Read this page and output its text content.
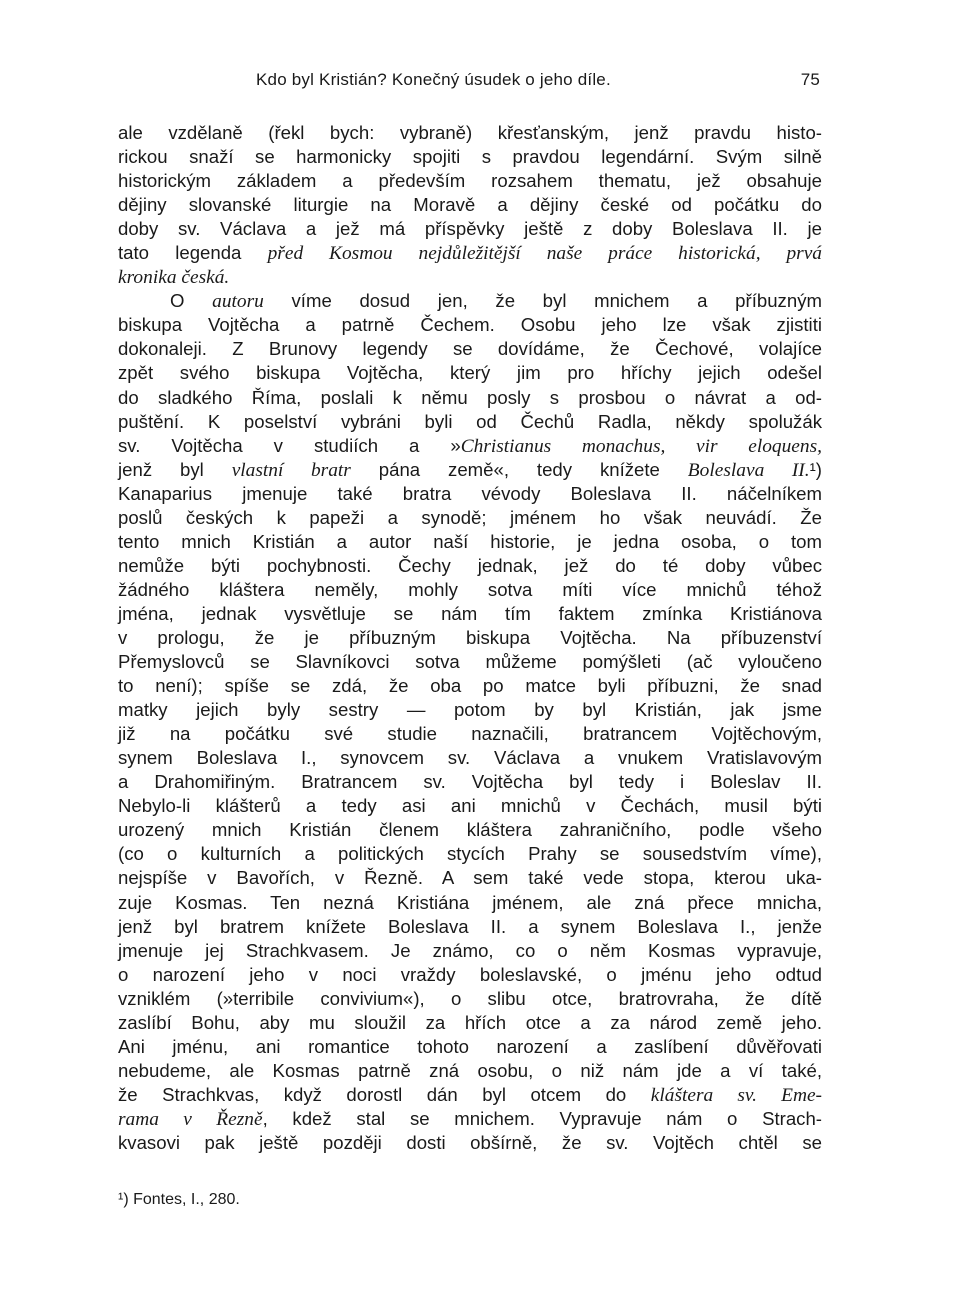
Kdo byl Kristián? Konečný úsudek o jeho díle.	75
ale vzdělaně (řekl bych: vybraně) křesťanským, jenž pravdu histo-
rickou snaží se harmonicky spojiti s pravdou legendární. Svým silně
historickým základem a především rozsahem thematu, jež obsahuje
dějiny slovanské liturgie na Moravě a dějiny české od počátku do
doby sv. Václava a jež má příspěvky ještě z doby Boleslava II. je
tato legenda před Kosmou nejdůležitější naše práce historická, prvá
kronika česká.
O autoru víme dosud jen, že byl mnichem a příbuzným
biskupa Vojtěcha a patrně Čechem. Osobu jeho lze však zjistiti
dokonaleji. Z Brunovy legendy se dovídáme, že Čechové, volajíce
zpět svého biskupa Vojtěcha, který jim pro hříchy jejich odešel
do sladkého Říma, poslali k němu posly s prosbou o návrat a od-
puštění. K poselství vybráni byli od Čechů Radla, někdy spolužák
sv. Vojtěcha v studiích a »Christianus monachus, vir eloquens,
jenž byl vlastní bratr pána země«, tedy knížete Boleslava II.¹)
Kanaparius jmenuje také bratra vévody Boleslava II. náčelníkem
poslů českých k papeži a synodě; jménem ho však neuvádí. Že
tento mnich Kristián a autor naší historie, je jedna osoba, o tom
nemůže býti pochybnosti. Čechy jednak, jež do té doby vůbec
žádného kláštera neměly, mohly sotva míti více mnichů téhož
jména, jednak vysvětluje se nám tím faktem zmínka Kristiánova
v prologu, že je příbuzným biskupa Vojtěcha. Na příbuzenství
Přemyslovců se Slavníkovci sotva můžeme pomýšleti (ač vyloučeno
to není); spíše se zdá, že oba po matce byli příbuzni, že snad
matky jejich byly sestry — potom by byl Kristián, jak jsme
již na počátku své studie naznačili, bratrancem Vojtěchovým,
synem Boleslava I., synovcem sv. Václava a vnukem Vratislavovým
a Drahomiřiným. Bratrancem sv. Vojtěcha byl tedy i Boleslav II.
Nebylo-li klášterů a tedy asi ani mnichů v Čechách, musil býti
urozený mnich Kristián členem kláštera zahraničního, podle všeho
(co o kulturních a politických stycích Prahy se sousedstvím víme),
nejspíše v Bavořích, v Řezně. A sem také vede stopa, kterou uka-
zuje Kosmas. Ten nezná Kristiána jménem, ale zná přece mnicha,
jenž byl bratrem knížete Boleslava II. a synem Boleslava I., jenže
jmenuje jej Strachkvasem. Je známo, co o něm Kosmas vypravuje,
o narození jeho v noci vraždy boleslavské, o jménu jeho odtud
vzniklém (»terribile convivium«), o slibu otce, bratrovraha, že dítě
zaslíbí Bohu, aby mu sloužil za hřích otce a za národ země jeho.
Ani jménu, ani romantice tohoto narození a zaslíbení důvěřovati
nebudeme, ale Kosmas patrně zná osobu, o niž nám jde a ví také,
že Strachkvas, když dorostl dán byl otcem do kláštera sv. Eme-
rama v Řezně, kdež stal se mnichem. Vypravuje nám o Strach-
kvasovi pak ještě později dosti obšírně, že sv. Vojtěch chtěl se
¹) Fontes, I., 280.
